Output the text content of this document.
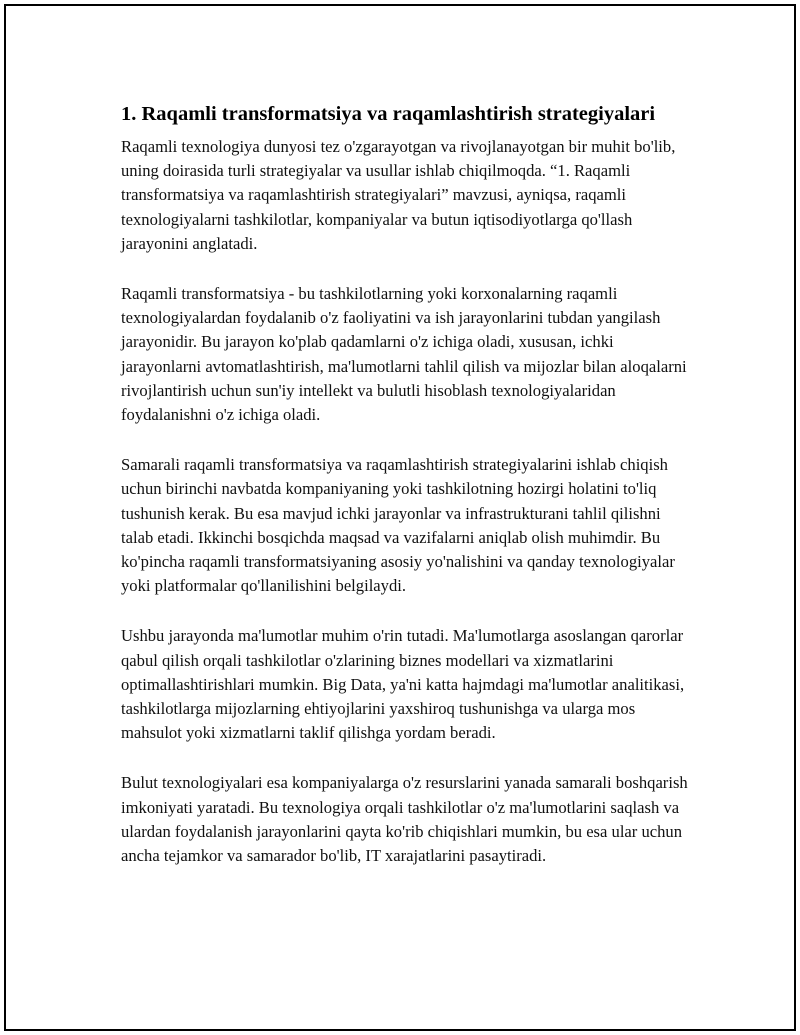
1. Raqamli transformatsiya va raqamlashtirish strategiyalari

Raqamli texnologiya dunyosi tez o'zgarayotgan va rivojlanayotgan bir muhit bo'lib, uning doirasida turli strategiyalar va usullar ishlab chiqilmoqda. “1. Raqamli transformatsiya va raqamlashtirish strategiyalari” mavzusi, ayniqsa, raqamli texnologiyalarni tashkilotlar, kompaniyalar va butun iqtisodiyotlarga qo'llash jarayonini anglatadi.

Raqamli transformatsiya - bu tashkilotlarning yoki korxonalarning raqamli texnologiyalardan foydalanib o'z faoliyatini va ish jarayonlarini tubdan yangilash jarayonidir. Bu jarayon ko'plab qadamlarni o'z ichiga oladi, xususan, ichki jarayonlarni avtomatlashtirish, ma'lumotlarni tahlil qilish va mijozlar bilan aloqalarni rivojlantirish uchun sun'iy intellekt va bulutli hisoblash texnologiyalaridan foydalanishni o'z ichiga oladi.

Samarali raqamli transformatsiya va raqamlashtirish strategiyalarini ishlab chiqish uchun birinchi navbatda kompaniyaning yoki tashkilotning hozirgi holatini to'liq tushunish kerak. Bu esa mavjud ichki jarayonlar va infrastrukturani tahlil qilishni talab etadi. Ikkinchi bosqichda maqsad va vazifalarni aniqlab olish muhimdir. Bu ko'pincha raqamli transformatsiyaning asosiy yo'nalishini va qanday texnologiyalar yoki platformalar qo'llanilishini belgilaydi.

Ushbu jarayonda ma'lumotlar muhim o'rin tutadi. Ma'lumotlarga asoslangan qarorlar qabul qilish orqali tashkilotlar o'zlarining biznes modellari va xizmatlarini optimallashtirishlari mumkin. Big Data, ya'ni katta hajmdagi ma'lumotlar analitikasi, tashkilotlarga mijozlarning ehtiyojlarini yaxshiroq tushunishga va ularga mos mahsulot yoki xizmatlarni taklif qilishga yordam beradi.

Bulut texnologiyalari esa kompaniyalarga o'z resurslarini yanada samarali boshqarish imkoniyati yaratadi. Bu texnologiya orqali tashkilotlar o'z ma'lumotlarini saqlash va ulardan foydalanish jarayonlarini qayta ko'rib chiqishlari mumkin, bu esa ular uchun ancha tejamkor va samarador bo'lib, IT xarajatlarini pasaytiradi.
